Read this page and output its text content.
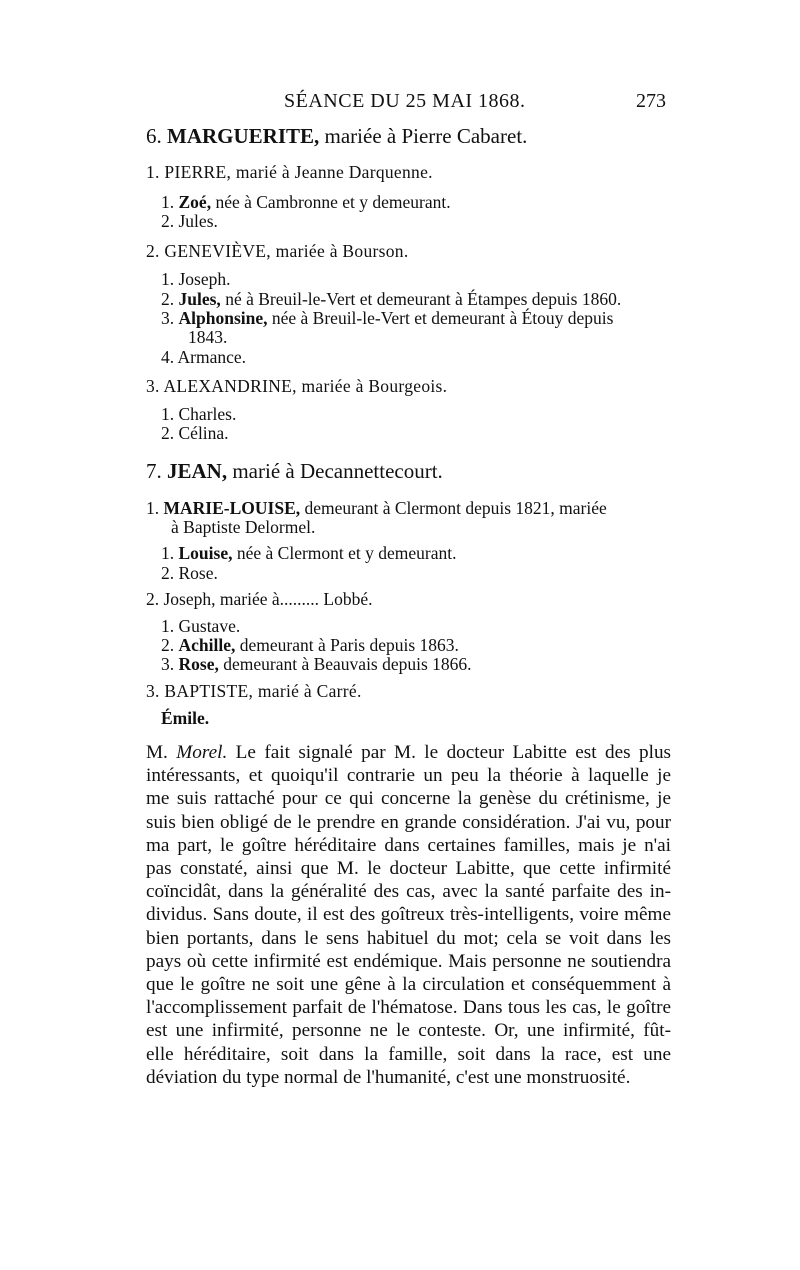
SÉANCE DU 25 MAI 1868.	273
6. MARGUERITE, mariée à Pierre Cabaret.
1. PIERRE, marié à Jeanne Darquenne.
1. Zoé, née à Cambronne et y demeurant.
2. Jules.
2. GENEVIÈVE, mariée à Bourson.
1. Joseph.
2. Jules, né à Breuil-le-Vert et demeurant à Étampes depuis 1860.
3. Alphonsine, née à Breuil-le-Vert et demeurant à Étouy depuis
1843.
4. Armance.
3. ALEXANDRINE, mariée à Bourgeois.
1. Charles.
2. Célina.
7. JEAN, marié à Decannettecourt.
1. MARIE-LOUISE, demeurant à Clermont depuis 1821, mariée
à Baptiste Delormel.
1. Louise, née à Clermont et y demeurant.
2. Rose.
2. Joseph, mariée à......... Lobbé.
1. Gustave.
2. Achille, demeurant à Paris depuis 1863.
3. Rose, demeurant à Beauvais depuis 1866.
3. BAPTISTE, marié à Carré.
Émile.
M. Morel. Le fait signalé par M. le docteur Labitte est des plus
intéressants, et quoiqu'il contrarie un peu la théorie à laquelle je
me suis rattaché pour ce qui concerne la genèse du crétinisme, je
suis bien obligé de le prendre en grande considération. J'ai vu, pour
ma part, le goître héréditaire dans certaines familles, mais je n'ai
pas constaté, ainsi que M. le docteur Labitte, que cette infirmité
coïncidât, dans la généralité des cas, avec la santé parfaite des in-
dividus. Sans doute, il est des goîtreux très-intelligents, voire même
bien portants, dans le sens habituel du mot; cela se voit dans les
pays où cette infirmité est endémique. Mais personne ne soutiendra
que le goître ne soit une gêne à la circulation et conséquemment à
l'accomplissement parfait de l'hématose. Dans tous les cas, le goître
est une infirmité, personne ne le conteste. Or, une infirmité, fût-
elle héréditaire, soit dans la famille, soit dans la race, est une
déviation du type normal de l'humanité, c'est une monstruosité.
